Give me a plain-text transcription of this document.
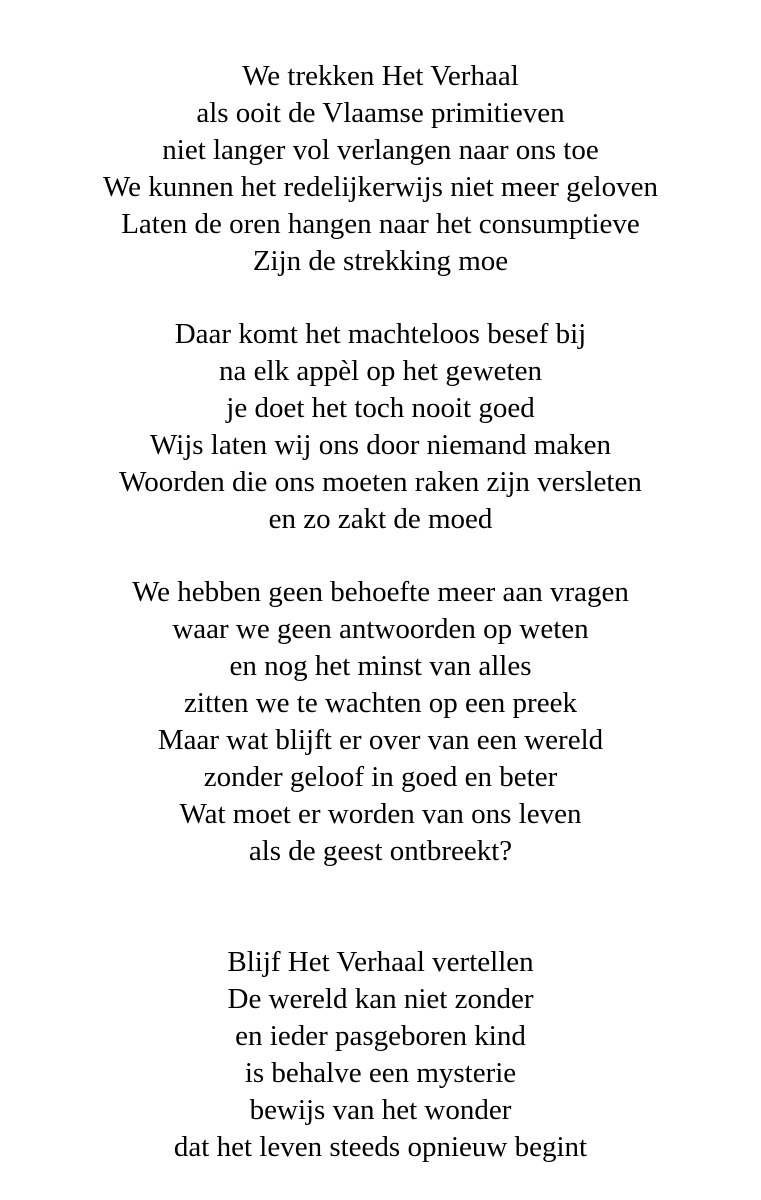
We trekken Het Verhaal
als ooit de Vlaamse primitieven
niet langer vol verlangen naar ons toe
We kunnen het redelijkerwijs niet meer geloven
Laten de oren hangen naar het consumptieve
Zijn de strekking moe
Daar komt het machteloos besef bij
na elk appèl op het geweten
je doet het toch nooit goed
Wijs laten wij ons door niemand maken
Woorden die ons moeten raken zijn versleten
en zo zakt de moed
We hebben geen behoefte meer aan vragen
waar we geen antwoorden op weten
en nog het minst van alles
zitten we te wachten op een preek
Maar wat blijft er over van een wereld
zonder geloof in goed en beter
Wat moet er worden van ons leven
als de geest ontbreekt?
Blijf Het Verhaal vertellen
De wereld kan niet zonder
en ieder pasgeboren kind
is behalve een mysterie
bewijs van het wonder
dat het leven steeds opnieuw begint
